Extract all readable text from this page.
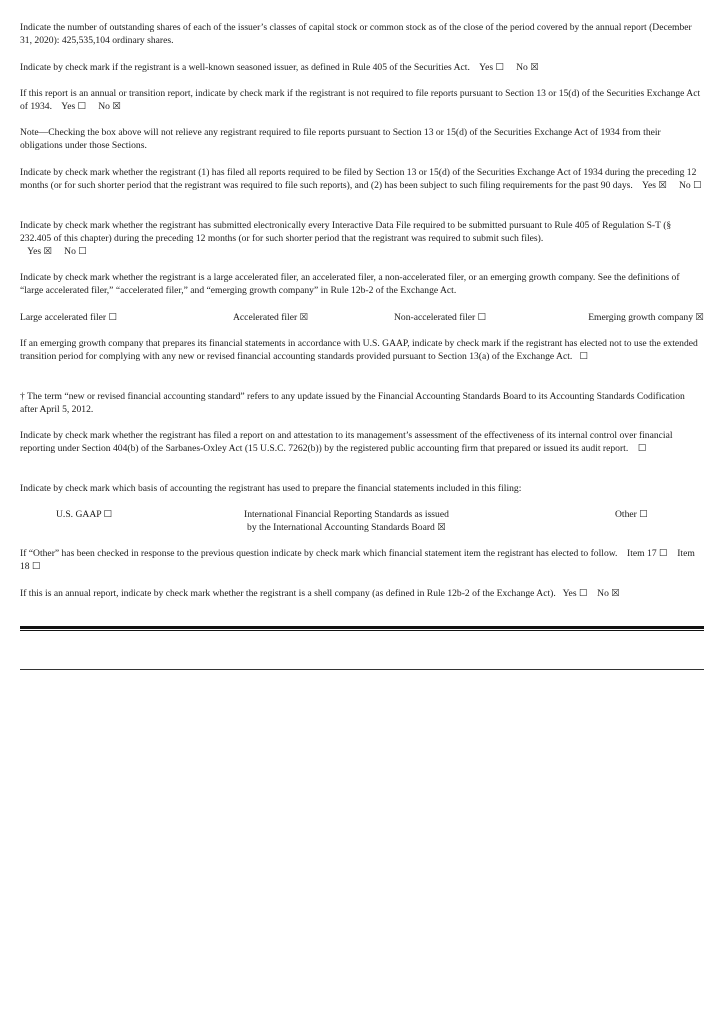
Indicate the number of outstanding shares of each of the issuer’s classes of capital stock or common stock as of the close of the period covered by the annual report (December 31, 2020): 425,535,104 ordinary shares.

Indicate by check mark if the registrant is a well-known seasoned issuer, as defined in Rule 405 of the Securities Act. Yes ☐ No ☒

If this report is an annual or transition report, indicate by check mark if the registrant is not required to file reports pursuant to Section 13 or 15(d) of the Securities Exchange Act of 1934. Yes ☐ No ☒

Note—Checking the box above will not relieve any registrant required to file reports pursuant to Section 13 or 15(d) of the Securities Exchange Act of 1934 from their obligations under those Sections.

Indicate by check mark whether the registrant (1) has filed all reports required to be filed by Section 13 or 15(d) of the Securities Exchange Act of 1934 during the preceding 12 months (or for such shorter period that the registrant was required to file such reports), and (2) has been subject to such filing requirements for the past 90 days. Yes ☒ No ☐

Indicate by check mark whether the registrant has submitted electronically every Interactive Data File required to be submitted pursuant to Rule 405 of Regulation S-T (§ 232.405 of this chapter) during the preceding 12 months (or for such shorter period that the registrant was required to submit such files).
Yes ☒ No ☐

Indicate by check mark whether the registrant is a large accelerated filer, an accelerated filer, a non-accelerated filer, or an emerging growth company. See the definitions of “large accelerated filer,” “accelerated filer,” and “emerging growth company” in Rule 12b-2 of the Exchange Act.

Large accelerated filer ☐	Accelerated filer ☒	Non-accelerated filer ☐	Emerging growth company ☒

If an emerging growth company that prepares its financial statements in accordance with U.S. GAAP, indicate by check mark if the registrant has elected not to use the extended transition period for complying with any new or revised financial accounting standards provided pursuant to Section 13(a) of the Exchange Act. ☐

† The term “new or revised financial accounting standard” refers to any update issued by the Financial Accounting Standards Board to its Accounting Standards Codification after April 5, 2012.

Indicate by check mark whether the registrant has filed a report on and attestation to its management’s assessment of the effectiveness of its internal control over financial reporting under Section 404(b) of the Sarbanes-Oxley Act (15 U.S.C. 7262(b)) by the registered public accounting firm that prepared or issued its audit report. ☐

Indicate by check mark which basis of accounting the registrant has used to prepare the financial statements included in this filing:

U.S. GAAP ☐	International Financial Reporting Standards as issued
by the International Accounting Standards Board ☒
Other ☐

If “Other” has been checked in response to the previous question indicate by check mark which financial statement item the registrant has elected to follow. Item 17 ☐ Item 18 ☐

If this is an annual report, indicate by check mark whether the registrant is a shell company (as defined in Rule 12b-2 of the Exchange Act). Yes ☐ No ☒
